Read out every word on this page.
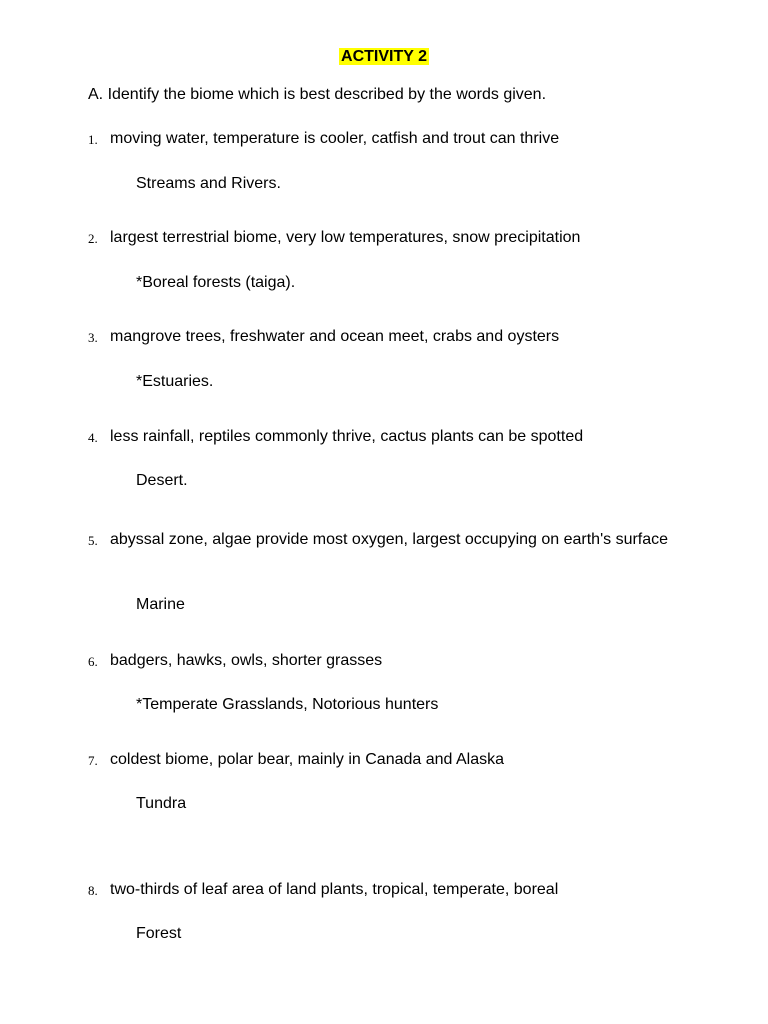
ACTIVITY 2
A. Identify the biome which is best described by the words given.
1. moving water, temperature is cooler, catfish and trout can thrive
Streams and Rivers.
2. largest terrestrial biome, very low temperatures, snow precipitation
*Boreal forests (taiga).
3. mangrove trees, freshwater and ocean meet, crabs and oysters
*Estuaries.
4. less rainfall, reptiles commonly thrive, cactus plants can be spotted
Desert.
5. abyssal zone, algae provide most oxygen, largest occupying on earth's surface
Marine
6. badgers, hawks, owls, shorter grasses
*Temperate Grasslands, Notorious hunters
7. coldest biome, polar bear, mainly in Canada and Alaska
Tundra
8. two-thirds of leaf area of land plants, tropical, temperate, boreal
Forest
